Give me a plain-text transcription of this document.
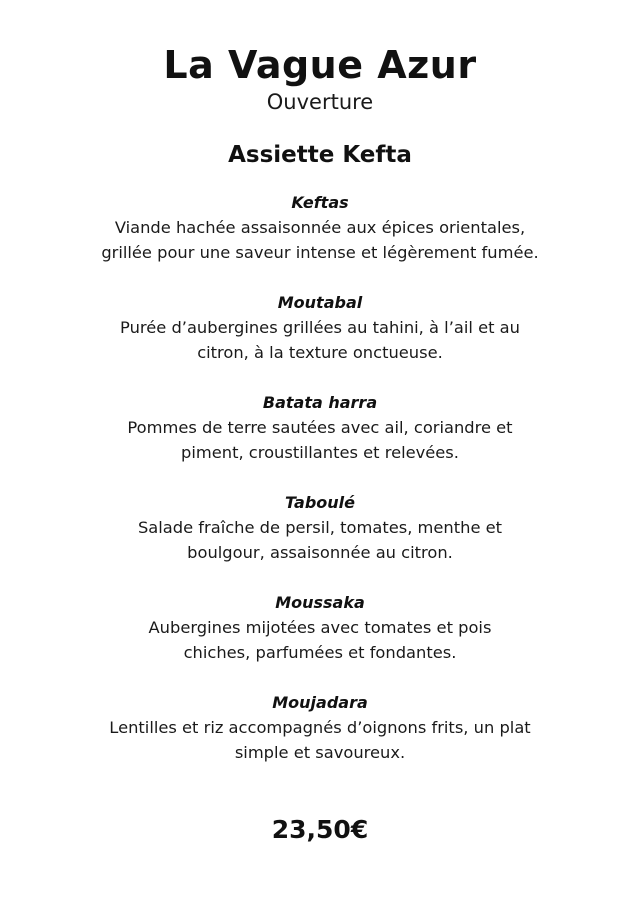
La Vague Azur
Ouverture
Assiette Kefta
Keftas
Viande hachée assaisonnée aux épices orientales, grillée pour une saveur intense et légèrement fumée.
Moutabal
Purée d’aubergines grillées au tahini, à l’ail et au citron, à la texture onctueuse.
Batata harra
Pommes de terre sautées avec ail, coriandre et piment, croustillantes et relevées.
Taboulé
Salade fraîche de persil, tomates, menthe et boulgour, assaisonnée au citron.
Moussaka
Aubergines mijotées avec tomates et pois chiches, parfumées et fondantes.
Moujadara
Lentilles et riz accompagnés d’oignons frits, un plat simple et savoureux.
23,50€
